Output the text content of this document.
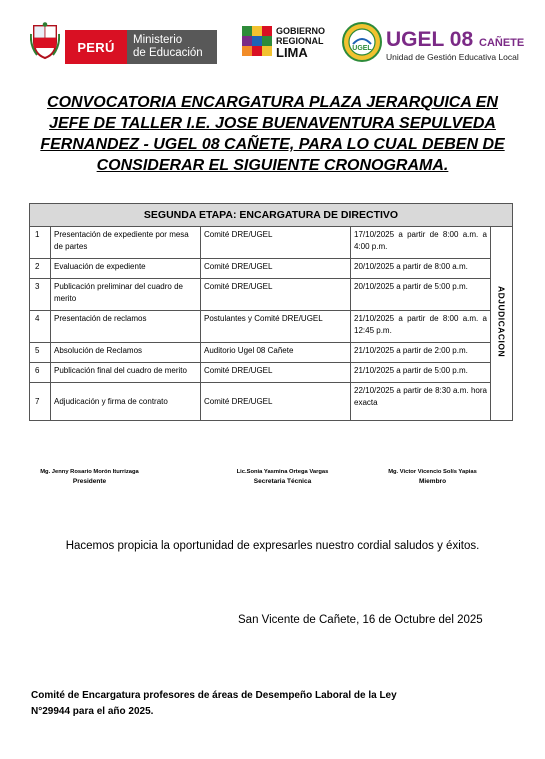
PERÚ Ministerio
de Educación
GOBIERNO
REGIONAL
LIMA	UGEL UGEL 08 CAÑETE
Unidad de Gestión Educativa Local
CONVOCATORIA ENCARGATURA PLAZA JERARQUICA EN
JEFE DE TALLER I.E. JOSE BUENAVENTURA SEPULVEDA
FERNANDEZ - UGEL 08 CAÑETE, PARA LO CUAL DEBEN DE
CONSIDERAR EL SIGUIENTE CRONOGRAMA.
SEGUNDA ETAPA: ENCARGATURA DE DIRECTIVO				
1	Presentación de expediente por mesa de partes	Comité DRE/UGEL	17/10/2025 a partir de 8:00 a.m. a 4:00 p.m.	ADJUDICACION
2	Evaluación de expediente	Comité DRE/UGEL	20/10/2025 a partir de 8:00 a.m.	
3	Publicación preliminar del cuadro de merito	Comité DRE/UGEL	20/10/2025 a partir de 5:00 p.m.	
4	Presentación de reclamos	Postulantes y Comité DRE/UGEL	21/10/2025 a partir de 8:00 a.m. a 12:45 p.m.	
5	Absolución de Reclamos	Auditorio Ugel 08 Cañete	21/10/2025 a partir de 2:00 p.m.	
6	Publicación final del cuadro de merito	Comité DRE/UGEL	21/10/2025 a partir de 5:00 p.m.	
7	Adjudicación y firma de contrato	Comité DRE/UGEL	22/10/2025 a partir de 8:30 a.m. hora exacta	
Mg. Jenny Rosario Morón Iturrizaga
Presidente
Lic.Sonia Yasmina Ortega Vargas
Secretaria Técnica
Mg. Victor Vicencio Solís Yapias
Miembro
Hacemos propicia la oportunidad de expresarles nuestro cordial saludos y éxitos.
San Vicente de Cañete, 16 de Octubre del 2025
Comité de Encargatura profesores de áreas de Desempeño Laboral de la Ley
N°29944 para el año 2025.
